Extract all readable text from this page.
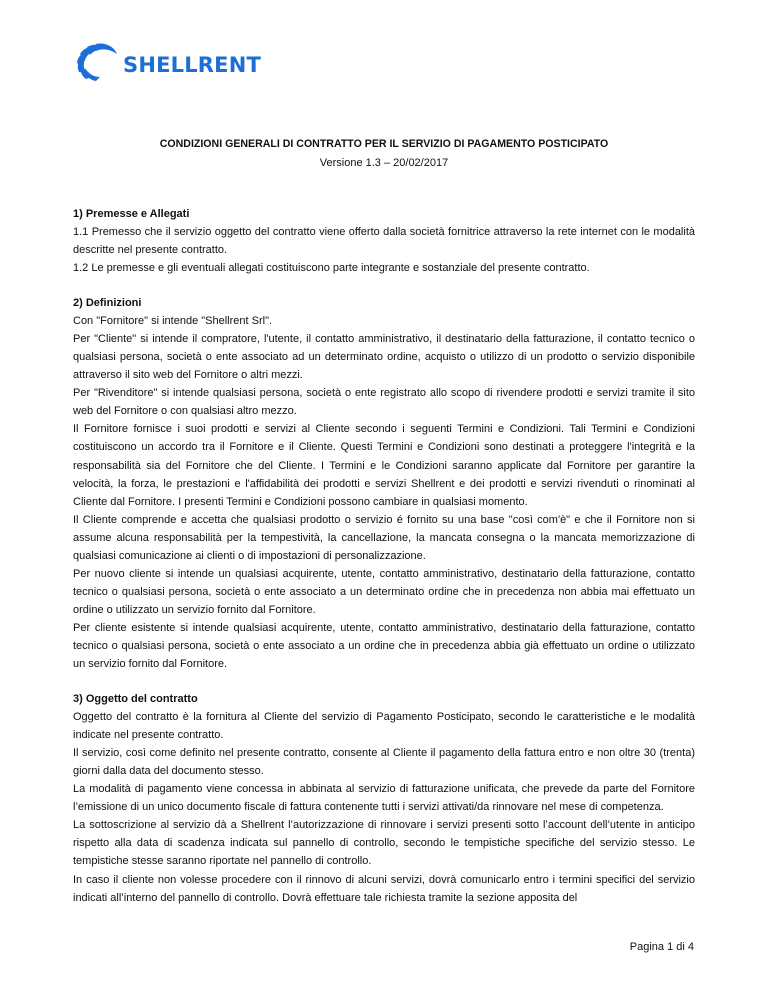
SHELLRENT
CONDIZIONI GENERALI DI CONTRATTO PER IL SERVIZIO DI PAGAMENTO POSTICIPATO
Versione 1.3 – 20/02/2017
1) Premesse e Allegati
1.1 Premesso che il servizio oggetto del contratto viene offerto dalla società fornitrice attraverso la rete internet con le modalità descritte nel presente contratto.
1.2 Le premesse e gli eventuali allegati costituiscono parte integrante e sostanziale del presente contratto.
2) Definizioni
Con "Fornitore" si intende "Shellrent Srl".
Per "Cliente" si intende il compratore, l'utente, il contatto amministrativo, il destinatario della fatturazione, il contatto tecnico o qualsiasi persona, società o ente associato ad un determinato ordine, acquisto o utilizzo di un prodotto o servizio disponibile attraverso il sito web del Fornitore o altri mezzi.
Per "Rivenditore" si intende qualsiasi persona, società o ente registrato allo scopo di rivendere prodotti e servizi tramite il sito web del Fornitore o con qualsiasi altro mezzo.
Il Fornitore fornisce i suoi prodotti e servizi al Cliente secondo i seguenti Termini e Condizioni. Tali Termini e Condizioni costituiscono un accordo tra il Fornitore e il Cliente. Questi Termini e Condizioni sono destinati a proteggere l'integrità e la responsabilità sia del Fornitore che del Cliente. I Termini e le Condizioni saranno applicate dal Fornitore per garantire la velocità, la forza, le prestazioni e l'affidabilità dei prodotti e servizi Shellrent e dei prodotti e servizi rivenduti o rinominati al Cliente dal Fornitore. I presenti Termini e Condizioni possono cambiare in qualsiasi momento.
Il Cliente comprende e accetta che qualsiasi prodotto o servizio é fornito su una base "così com'è" e che il Fornitore non si assume alcuna responsabilità per la tempestività, la cancellazione, la mancata consegna o la mancata memorizzazione di qualsiasi comunicazione ai clienti o di impostazioni di personalizzazione.
Per nuovo cliente si intende un qualsiasi acquirente, utente, contatto amministrativo, destinatario della fatturazione, contatto tecnico o qualsiasi persona, società o ente associato a un determinato ordine che in precedenza non abbia mai effettuato un ordine o utilizzato un servizio fornito dal Fornitore.
Per cliente esistente si intende qualsiasi acquirente, utente, contatto amministrativo, destinatario della fatturazione, contatto tecnico o qualsiasi persona, società o ente associato a un ordine che in precedenza abbia già effettuato un ordine o utilizzato un servizio fornito dal Fornitore.
3) Oggetto del contratto
Oggetto del contratto è la fornitura al Cliente del servizio di Pagamento Posticipato, secondo le caratteristiche e le modalità indicate nel presente contratto.
Il servizio, così come definito nel presente contratto, consente al Cliente il pagamento della fattura entro e non oltre 30 (trenta) giorni dalla data del documento stesso.
La modalità di pagamento viene concessa in abbinata al servizio di fatturazione unificata, che prevede da parte del Fornitore l’emissione di un unico documento fiscale di fattura contenente tutti i servizi attivati/da rinnovare nel mese di competenza.
La sottoscrizione al servizio dà a Shellrent l’autorizzazione di rinnovare i servizi presenti sotto l’account dell’utente in anticipo rispetto alla data di scadenza indicata sul pannello di controllo, secondo le tempistiche specifiche del servizio stesso. Le tempistiche stesse saranno riportate nel pannello di controllo.
In caso il cliente non volesse procedere con il rinnovo di alcuni servizi, dovrà comunicarlo entro i termini specifici del servizio indicati all’interno del pannello di controllo. Dovrà effettuare tale richiesta tramite la sezione apposita del
Pagina 1 di 4
